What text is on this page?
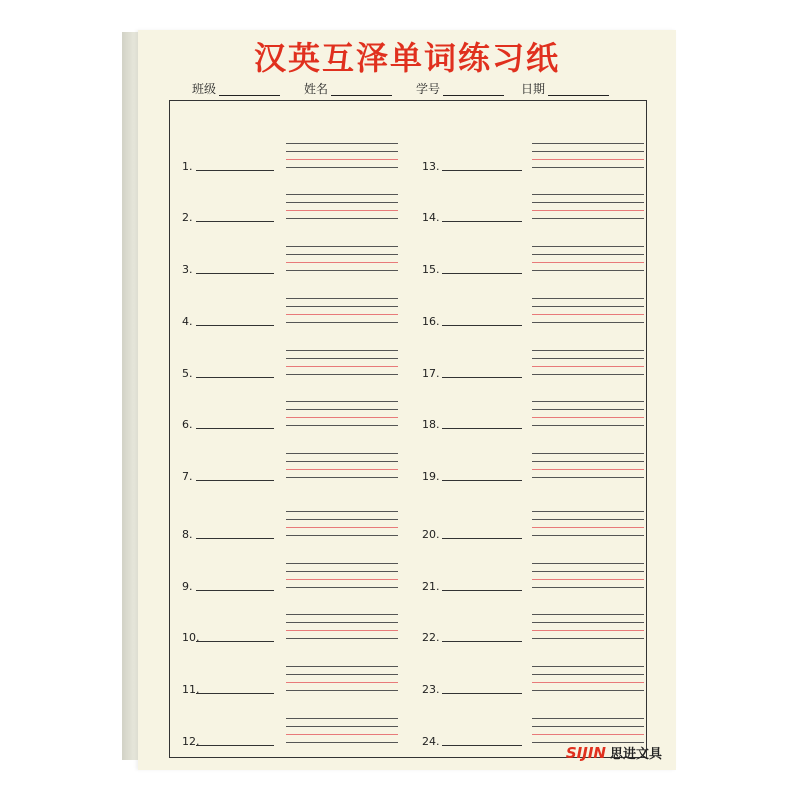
汉英互泽单词练习纸
班级	姓名	学号	日期
1.
2.
3.
4.
5.
6.
7.
8.
9.
10.
11.
12.
13.
14.
15.
16.
17.
18.
19.
20.
21.
22.
23.
24.
SIJIN 思进文具
